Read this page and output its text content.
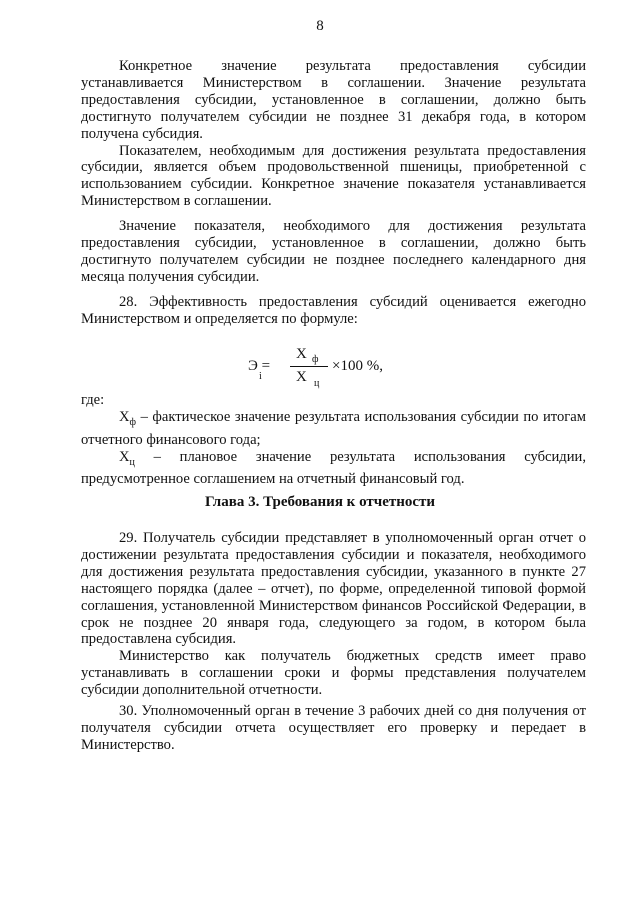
8

Конкретное значение результата предоставления субсидии устанавливается Министерством в соглашении. Значение результата предоставления субсидии, установленное в соглашении, должно быть достигнуто получателем субсидии не позднее 31 декабря года, в котором получена субсидия.

Показателем, необходимым для достижения результата предоставления субсидии, является объем продовольственной пшеницы, приобретенной с использованием субсидии. Конкретное значение показателя устанавливается Министерством в соглашении.

Значение показателя, необходимого для достижения результата предоставления субсидии, установленное в соглашении, должно быть достигнуто получателем субсидии не позднее последнего календарного дня месяца получения субсидии.

28. Эффективность предоставления субсидий оценивается ежегодно Министерством и определяется по формуле:

Э =
i
Х ф
Х ц
×100 %,

где:

$Х_ф$ – фактическое значение результата использования субсидии по итогам отчетного финансового года;

$Х_ц$ – плановое значение результата использования субсидии, предусмотренное соглашением на отчетный финансовый год.

Глава 3. Требования к отчетности

29. Получатель субсидии представляет в уполномоченный орган отчет о достижении результата предоставления субсидии и показателя, необходимого для достижения результата предоставления субсидии, указанного в пункте 27 настоящего порядка (далее – отчет), по форме, определенной типовой формой соглашения, установленной Министерством финансов Российской Федерации, в срок не позднее 20 января года, следующего за годом, в котором была предоставлена субсидия.

Министерство как получатель бюджетных средств имеет право устанавливать в соглашении сроки и формы представления получателем субсидии дополнительной отчетности.

30. Уполномоченный орган в течение 3 рабочих дней со дня получения от получателя субсидии отчета осуществляет его проверку и передает в Министерство.
